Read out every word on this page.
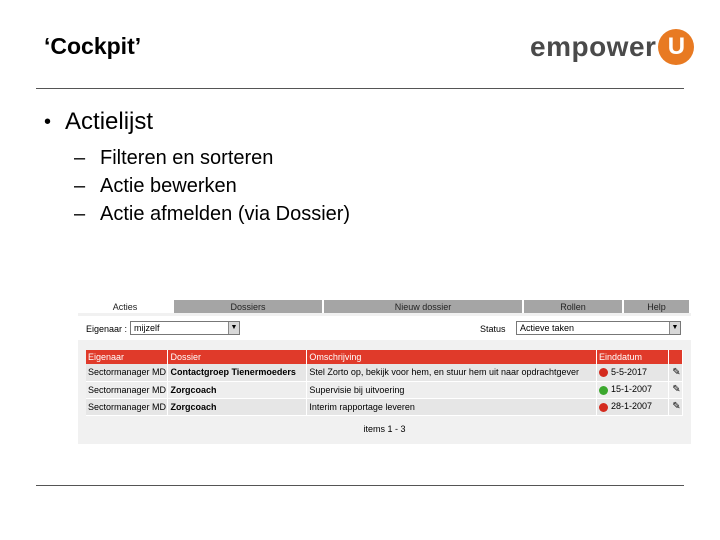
‘Cockpit’	empower U
• Actielijst
– Filteren en sorteren
– Actie bewerken
– Actie afmelden (via Dossier)
Acties	Dossiers	Nieuw dossier	Rollen	Help
Eigenaar : mijzelf	▼	Status	Actieve taken	▼
Eigenaar	Dossier	Omschrijving	Einddatum	
Sectormanager MD	Contactgroep Tienermoeders	Stel Zorto op, bekijk voor hem, en stuur hem uit naar opdrachtgever	5-5-2017	✎
Sectormanager MD	Zorgcoach	Supervisie bij uitvoering	15-1-2007	✎
Sectormanager MD	Zorgcoach	Interim rapportage leveren	28-1-2007	✎
items 1 - 3
